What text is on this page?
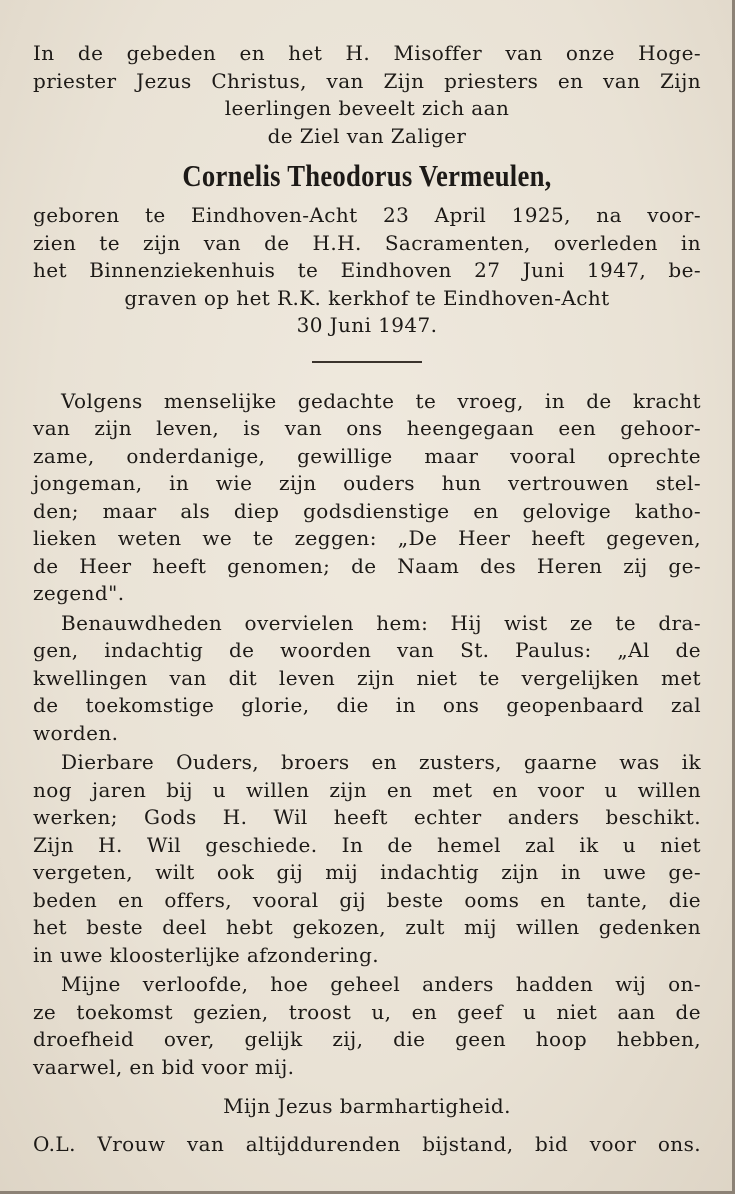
In de gebeden en het H. Misoffer van onze Hoge-
priester Jezus Christus, van Zijn priesters en van Zijn
leerlingen beveelt zich aan
de Ziel van Zaliger
Cornelis Theodorus Vermeulen,
geboren te Eindhoven-Acht 23 April 1925, na voor-
zien te zijn van de H.H. Sacramenten, overleden in
het Binnenziekenhuis te Eindhoven 27 Juni 1947, be-
graven op het R.K. kerkhof te Eindhoven-Acht
30 Juni 1947.
Volgens menselijke gedachte te vroeg, in de kracht
van zijn leven, is van ons heengegaan een gehoor-
zame, onderdanige, gewillige maar vooral oprechte
jongeman, in wie zijn ouders hun vertrouwen stel-
den; maar als diep godsdienstige en gelovige katho-
lieken weten we te zeggen: „De Heer heeft gegeven,
de Heer heeft genomen; de Naam des Heren zij ge-
zegend".
Benauwdheden overvielen hem: Hij wist ze te dra-
gen, indachtig de woorden van St. Paulus: „Al de
kwellingen van dit leven zijn niet te vergelijken met
de toekomstige glorie, die in ons geopenbaard zal
worden.
Dierbare Ouders, broers en zusters, gaarne was ik
nog jaren bij u willen zijn en met en voor u willen
werken; Gods H. Wil heeft echter anders beschikt.
Zijn H. Wil geschiede. In de hemel zal ik u niet
vergeten, wilt ook gij mij indachtig zijn in uwe ge-
beden en offers, vooral gij beste ooms en tante, die
het beste deel hebt gekozen, zult mij willen gedenken
in uwe kloosterlijke afzondering.
Mijne verloofde, hoe geheel anders hadden wij on-
ze toekomst gezien, troost u, en geef u niet aan de
droefheid over, gelijk zij, die geen hoop hebben,
vaarwel, en bid voor mij.
Mijn Jezus barmhartigheid.
O.L. Vrouw van altijddurenden bijstand, bid voor ons.
